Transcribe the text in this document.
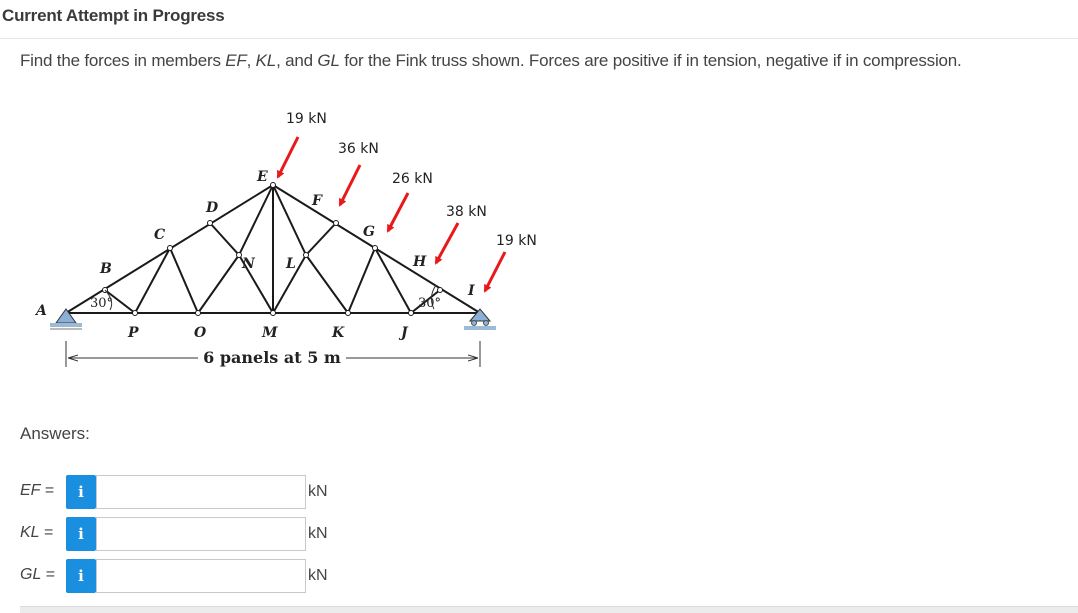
Current Attempt in Progress
Find the forces in members EF, KL, and GL for the Fink truss shown. Forces are positive if in tension, negative if in compression.
19 kN
36 kN
26 kN
38 kN
19 kN
A
B
C
D
E
F
G
H
I
J
K
L
M
N
O
P
30°	30°
6 panels at 5 m
Answers:
EF =	i	kN
KL =	i	kN
GL =	i	kN
